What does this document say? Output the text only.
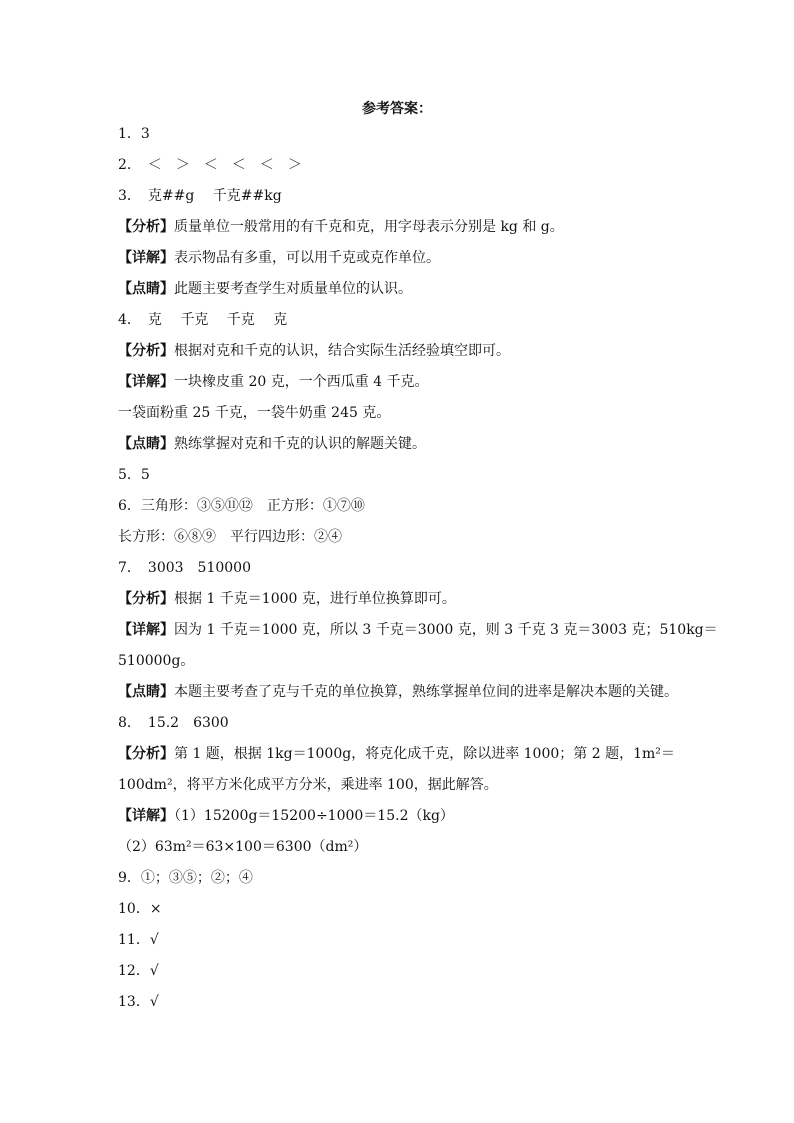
参考答案：
1．3
2．　＜　＞　＜　＜　＜　＞
3．　克##g　 千克##kg
【分析】质量单位一般常用的有千克和克，用字母表示分别是 kg 和 g。
【详解】表示物品有多重，可以用千克或克作单位。
【点睛】此题主要考查学生对质量单位的认识。
4．　克　 千克　 千克　 克
【分析】根据对克和千克的认识，结合实际生活经验填空即可。
【详解】一块橡皮重 20 克，一个西瓜重 4 千克。
一袋面粉重 25 千克，一袋牛奶重 245 克。
【点睛】熟练掌握对克和千克的认识的解题关键。
5．5
6．三角形：③⑤⑪⑫　正方形：①⑦⑩
长方形：⑥⑧⑨　平行四边形：②④
7．　3003　510000
【分析】根据 1 千克＝1000 克，进行单位换算即可。
【详解】因为 1 千克＝1000 克，所以 3 千克＝3000 克，则 3 千克 3 克＝3003 克；510kg＝
510000g。
【点睛】本题主要考查了克与千克的单位换算，熟练掌握单位间的进率是解决本题的关键。
8．　15.2　6300
【分析】第 1 题，根据 1kg＝1000g，将克化成千克，除以进率 1000；第 2 题，1m²＝
100dm²，将平方米化成平方分米，乘进率 100，据此解答。
【详解】（1）15200g＝15200÷1000＝15.2（kg）
（2）63m²＝63×100＝6300（dm²）
9．①；③⑤；②；④
10．×
11．√
12．√
13．√
